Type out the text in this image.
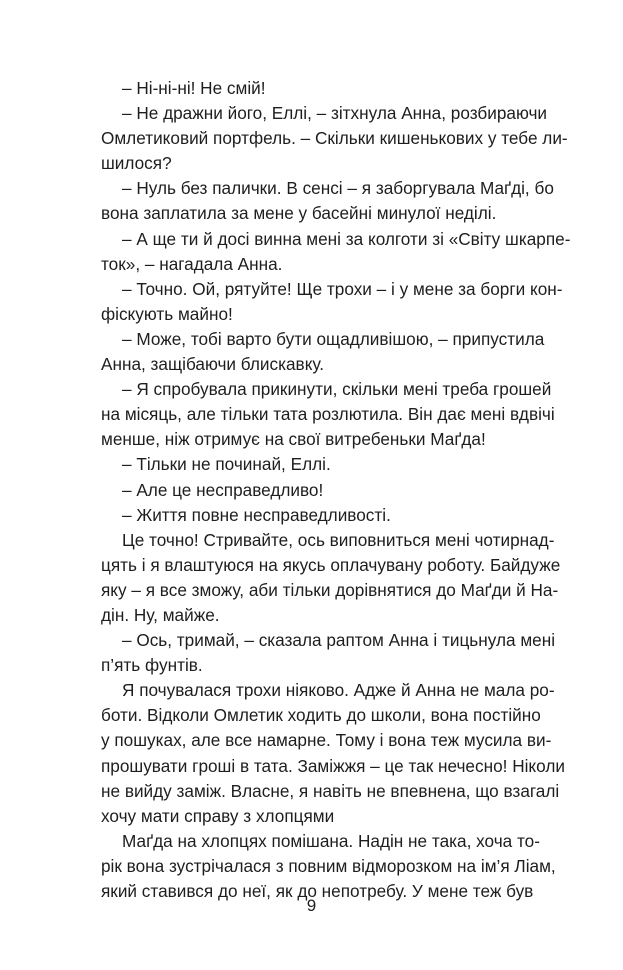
– Ні-ні-ні! Не смій!
– Не дражни його, Еллі, – зітхнула Анна, розбираючи
Омлетиковий портфель. – Скільки кишенькових у тебе ли-
шилося?
– Нуль без палички. В сенсі – я заборгувала Маґді, бо
вона заплатила за мене у басейні минулої неділі.
– А ще ти й досі винна мені за колготи зі «Світу шкарпе-
ток», – нагадала Анна.
– Точно. Ой, рятуйте! Ще трохи – і у мене за борги кон-
фіскують майно!
– Може, тобі варто бути ощадливішою, – припустила
Анна, защібаючи блискавку.
– Я спробувала прикинути, скільки мені треба грошей
на місяць, але тільки тата розлютила. Він дає мені вдвічі
менше, ніж отримує на свої витребеньки Маґда!
– Тільки не починай, Еллі.
– Але це несправедливо!
– Життя повне несправедливості.
Це точно! Стривайте, ось виповниться мені чотирнад-
цять і я влаштуюся на якусь оплачувану роботу. Байдуже
яку – я все зможу, аби тільки дорівнятися до Маґди й На-
дін. Ну, майже.
– Ось, тримай, – сказала раптом Анна і тицьнула мені
п’ять фунтів.
Я почувалася трохи ніяково. Адже й Анна не мала ро-
боти. Відколи Омлетик ходить до школи, вона постійно
у пошуках, але все намарне. Тому і вона теж мусила ви-
прошувати гроші в тата. Заміжжя – це так нечесно! Ніколи
не вийду заміж. Власне, я навіть не впевнена, що взагалі
хочу мати справу з хлопцями
Маґда на хлопцях помішана. Надін не така, хоча то-
рік вона зустрічалася з повним відморозком на ім’я Ліам,
який ставився до неї, як до непотребу. У мене теж був
9
